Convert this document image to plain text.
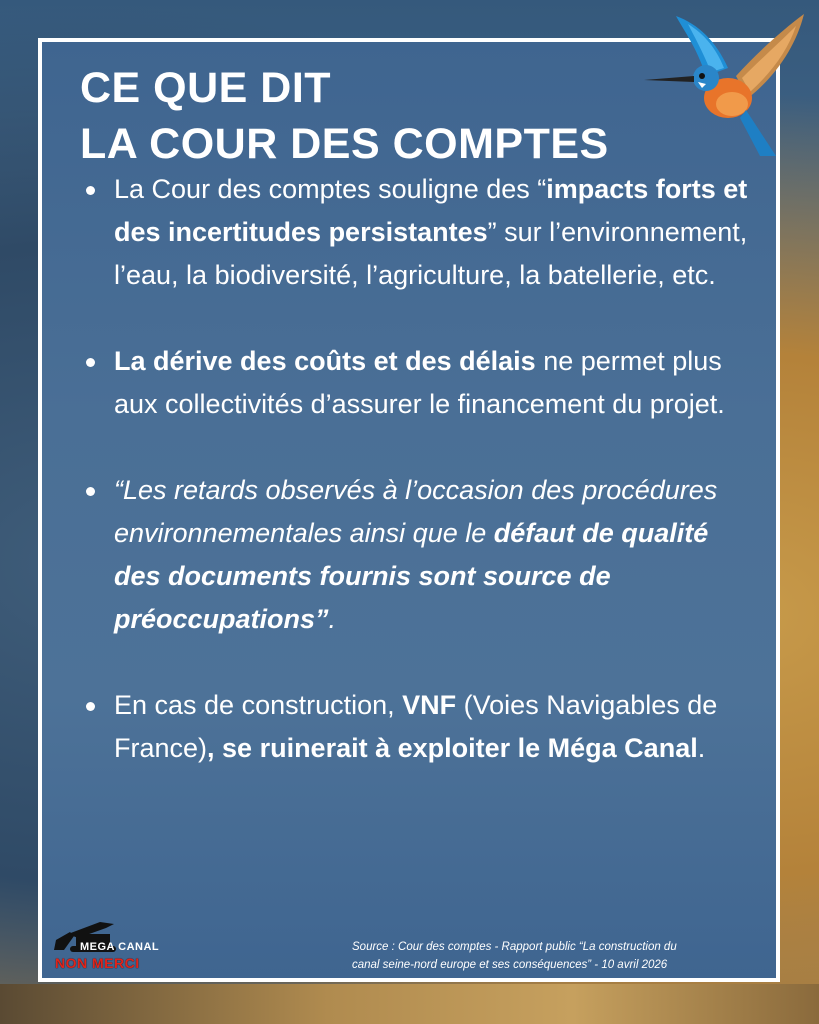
CE QUE DIT
LA COUR DES COMPTES
La Cour des comptes souligne des “impacts forts et des incertitudes persistantes” sur l’environnement, l’eau, la biodiversité, l’agriculture, la batellerie, etc.
La dérive des coûts et des délais ne permet plus aux collectivités d’assurer le financement du projet.
“Les retards observés à l’occasion des procédures environnementales ainsi que le défaut de qualité des documents fournis sont source de préoccupations”.
En cas de construction, VNF (Voies Navigables de France), se ruinerait à exploiter le Méga Canal.
MEGA CANAL
NON MERCI
Source : Cour des comptes - Rapport public “La construction du
canal seine-nord europe et ses conséquences” - 10 avril 2026
